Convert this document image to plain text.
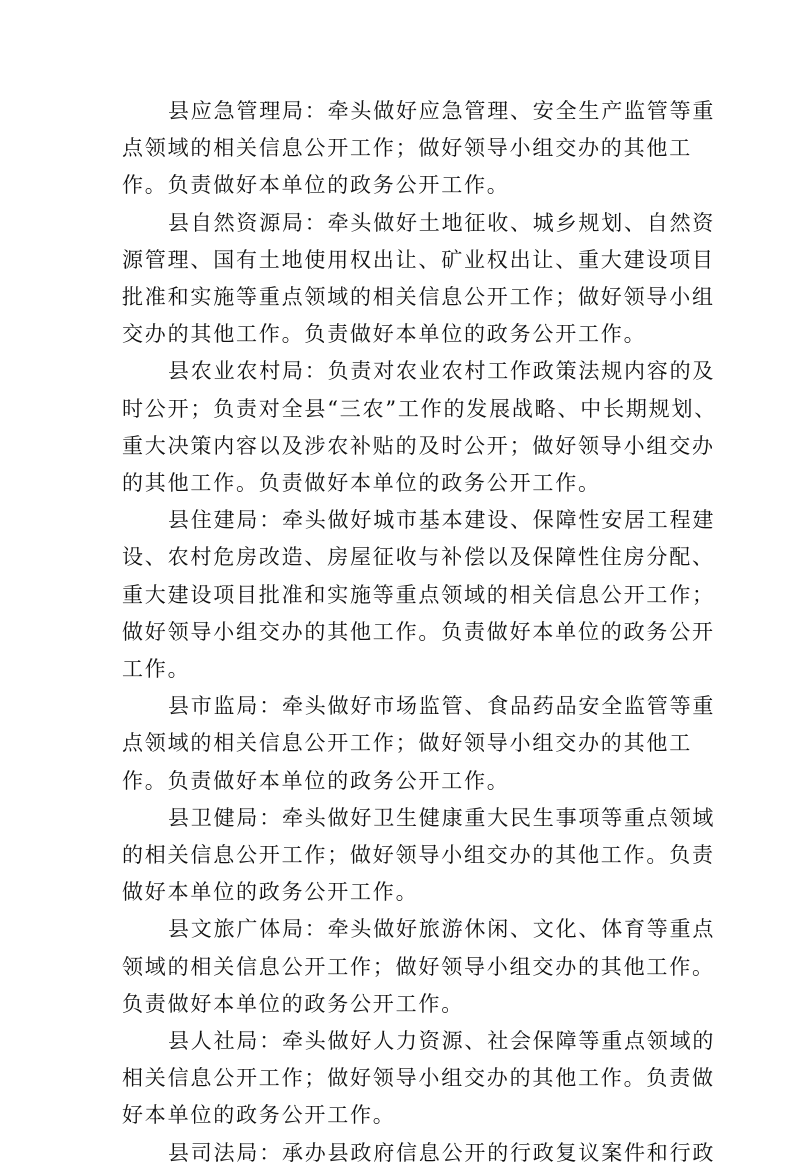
县应急管理局：牵头做好应急管理、安全生产监管等重
点领域的相关信息公开工作；做好领导小组交办的其他工
作。负责做好本单位的政务公开工作。

县自然资源局：牵头做好土地征收、城乡规划、自然资
源管理、国有土地使用权出让、矿业权出让、重大建设项目
批准和实施等重点领域的相关信息公开工作；做好领导小组
交办的其他工作。负责做好本单位的政务公开工作。

县农业农村局：负责对农业农村工作政策法规内容的及
时公开；负责对全县“三农”工作的发展战略、中长期规划、
重大决策内容以及涉农补贴的及时公开；做好领导小组交办
的其他工作。负责做好本单位的政务公开工作。

县住建局：牵头做好城市基本建设、保障性安居工程建
设、农村危房改造、房屋征收与补偿以及保障性住房分配、
重大建设项目批准和实施等重点领域的相关信息公开工作；
做好领导小组交办的其他工作。负责做好本单位的政务公开
工作。

县市监局：牵头做好市场监管、食品药品安全监管等重
点领域的相关信息公开工作；做好领导小组交办的其他工
作。负责做好本单位的政务公开工作。

县卫健局：牵头做好卫生健康重大民生事项等重点领域
的相关信息公开工作；做好领导小组交办的其他工作。负责
做好本单位的政务公开工作。

县文旅广体局：牵头做好旅游休闲、文化、体育等重点
领域的相关信息公开工作；做好领导小组交办的其他工作。
负责做好本单位的政务公开工作。

县人社局：牵头做好人力资源、社会保障等重点领域的
相关信息公开工作；做好领导小组交办的其他工作。负责做
好本单位的政务公开工作。

县司法局：承办县政府信息公开的行政复议案件和行政
